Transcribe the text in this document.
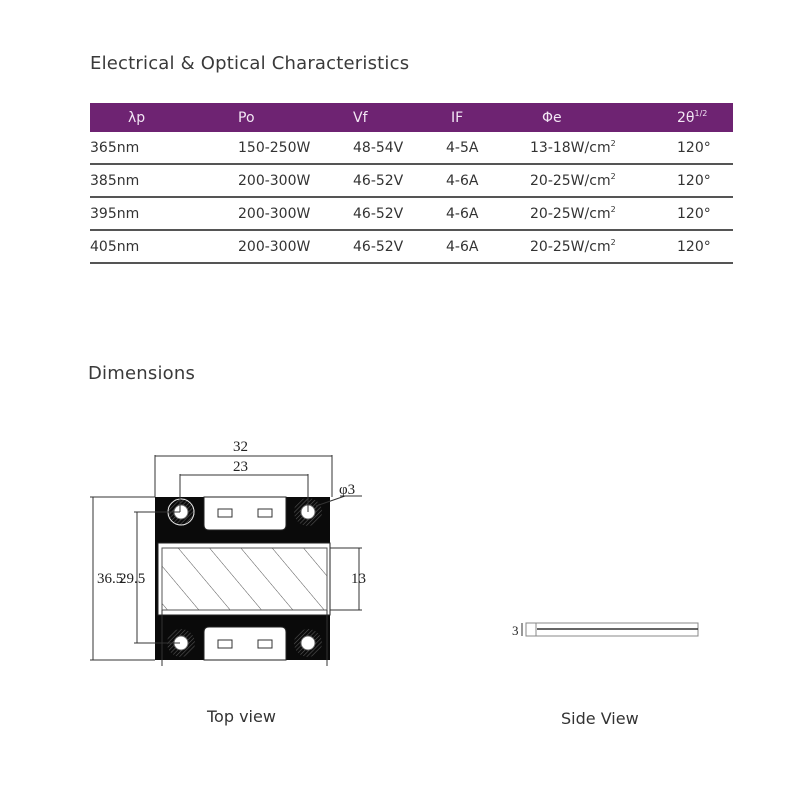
Electrical & Optical Characteristics
λp	Po	Vf	IF	Φe	$2\theta^{1/2}$
365nm	150-250W	48-54V	4-5A	$13-18W/cm^2$	120°
385nm	200-300W	46-52V	4-6A	$20-25W/cm^2$	120°
395nm	200-300W	46-52V	4-6A	$20-25W/cm^2$	120°
405nm	200-300W	46-52V	4-6A	$20-25W/cm^2$	120°
Dimensions
32
23
φ3
36.5
29.5	13
3
Top view	Side View
